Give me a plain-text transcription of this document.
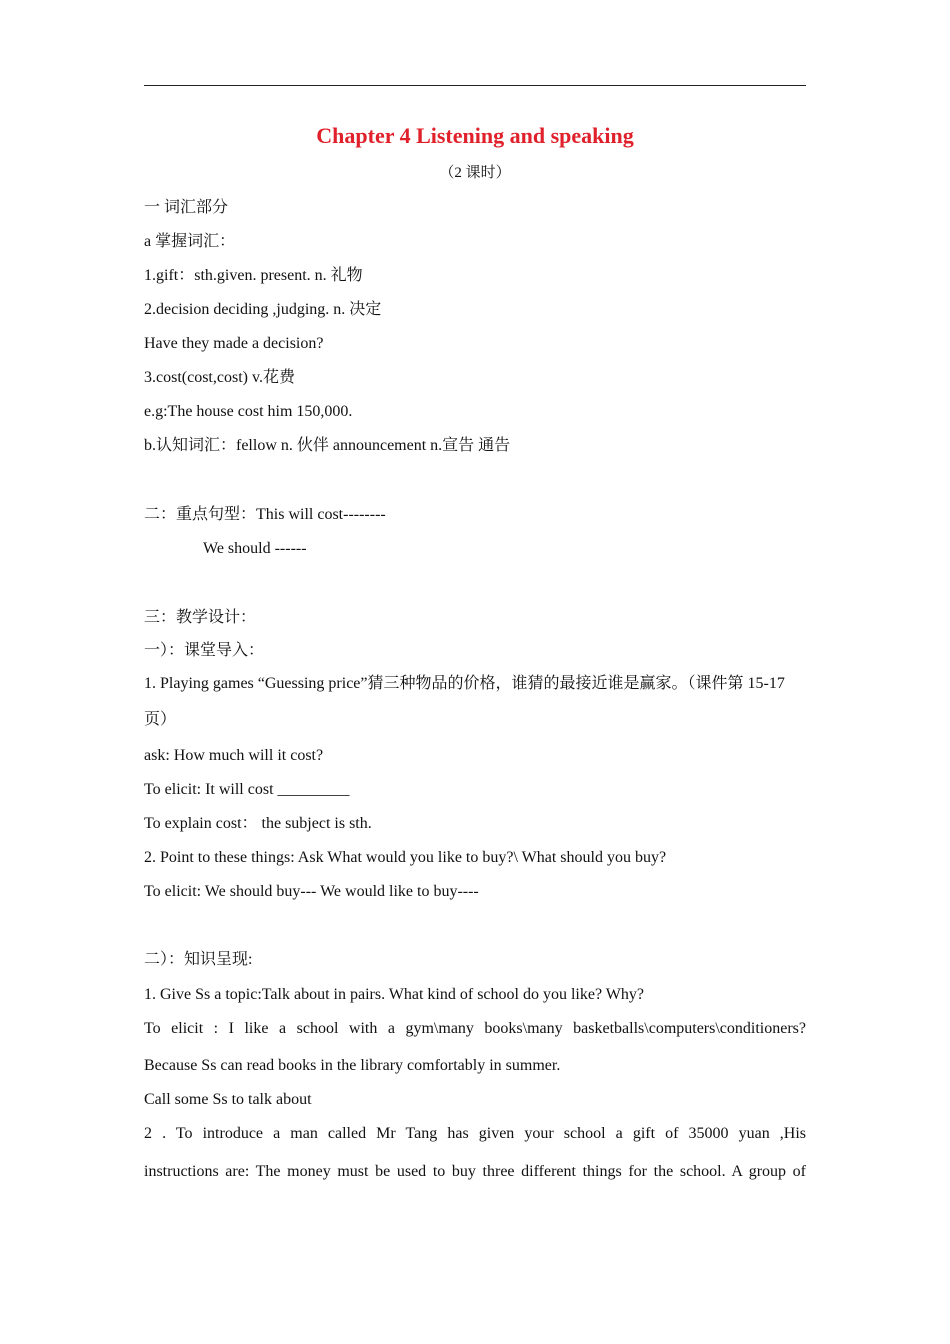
Chapter 4 Listening and speaking
（2 课时）
一 词汇部分
a 掌握词汇：
1.gift：sth.given. present. n. 礼物
2.decision deciding ,judging. n. 决定
Have they made a decision?
3.cost(cost,cost) v.花费
e.g:The house cost him 150,000.
b.认知词汇：fellow n. 伙伴 announcement n.宣告 通告
二：重点句型：This will cost--------
We should ------
三：教学设计：
一）：课堂导入：
1. Playing games “Guessing price”猜三种物品的价格，谁猜的最接近谁是赢家。（课件第 15-17
页）
ask: How much will it cost?
To elicit: It will cost _________
To explain cost： the subject is sth.
2. Point to these things: Ask What would you like to buy?\ What should you buy?
To elicit: We should buy--- We would like to buy----
二）：知识呈现:
1. Give Ss a topic:Talk about in pairs. What kind of school do you like? Why?
To elicit : I like a school with a gym\many books\many basketballs\computers\conditioners?
Because Ss can read books in the library comfortably in summer.
Call some Ss to talk about
2 . To introduce a man called Mr Tang has given your school a gift of 35000 yuan ,His
instructions are: The money must be used to buy three different things for the school. A group of
